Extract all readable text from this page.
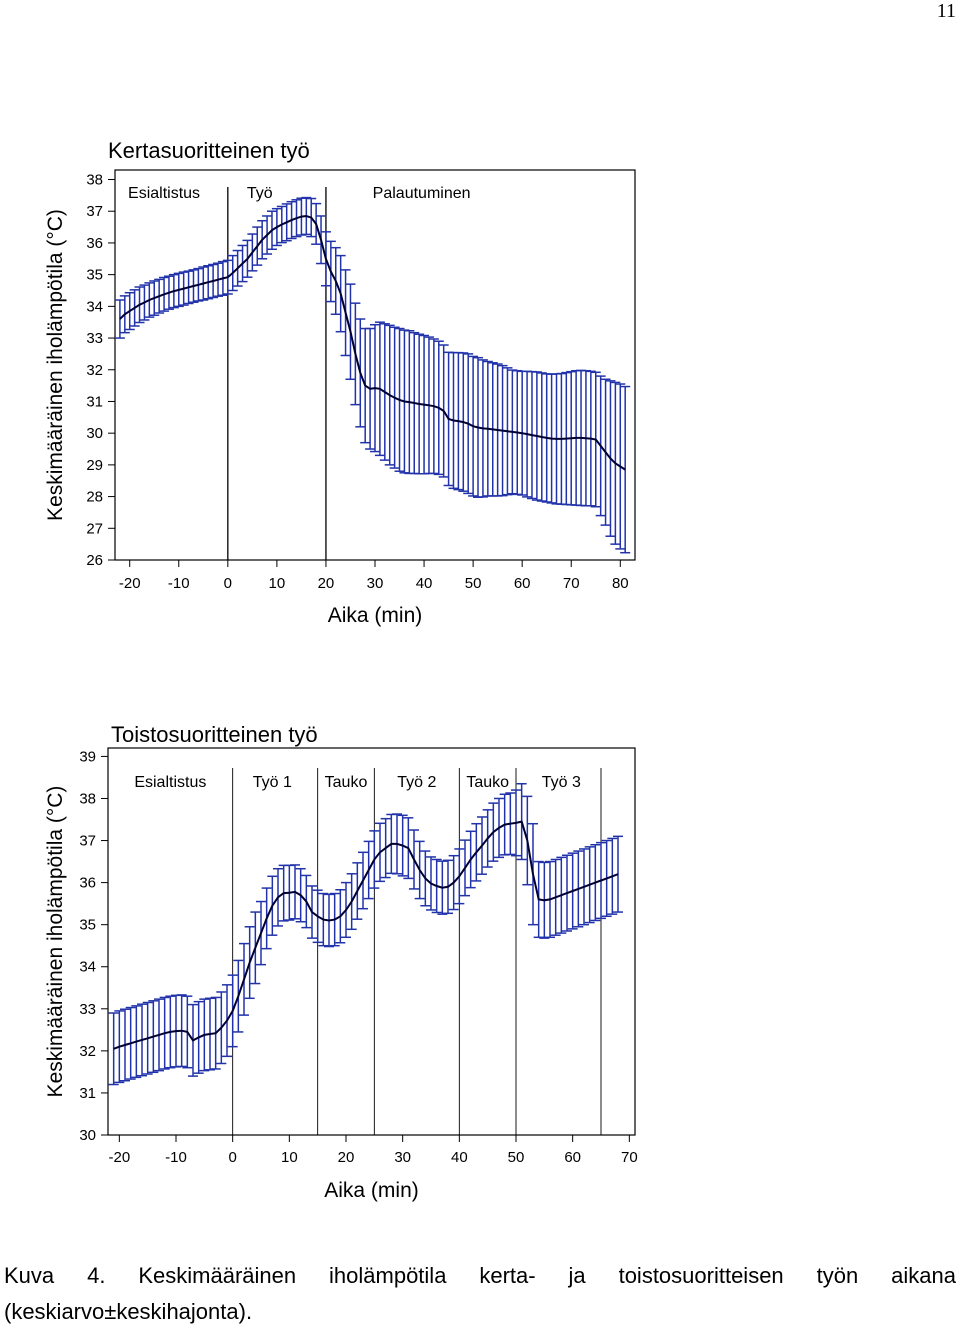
11
Kertasuoritteinen työ
26
27
28
29
30
31
32
33
34
35
36
37
38
-20 -10 0 10 20 30 40 50 60 70 80
Aika (min)
Keskimääräinen iholämpötila (°C)
Esialtistus	Työ	Palautuminen
Toistosuoritteinen työ
30
31
32
33
34
35
36
37
38
39
-20 -10	0	10	20	30	40	50	60	70
Aika (min)
Keskimääräinen iholämpötila (°C)
Esialtistus	Työ 1 Tauko Työ 2 Tauko Työ 3
Kuva 4. Keskimääräinen iholämpötila kerta- ja toistosuoritteisen työn aikana
(keskiarvo±keskihajonta).
